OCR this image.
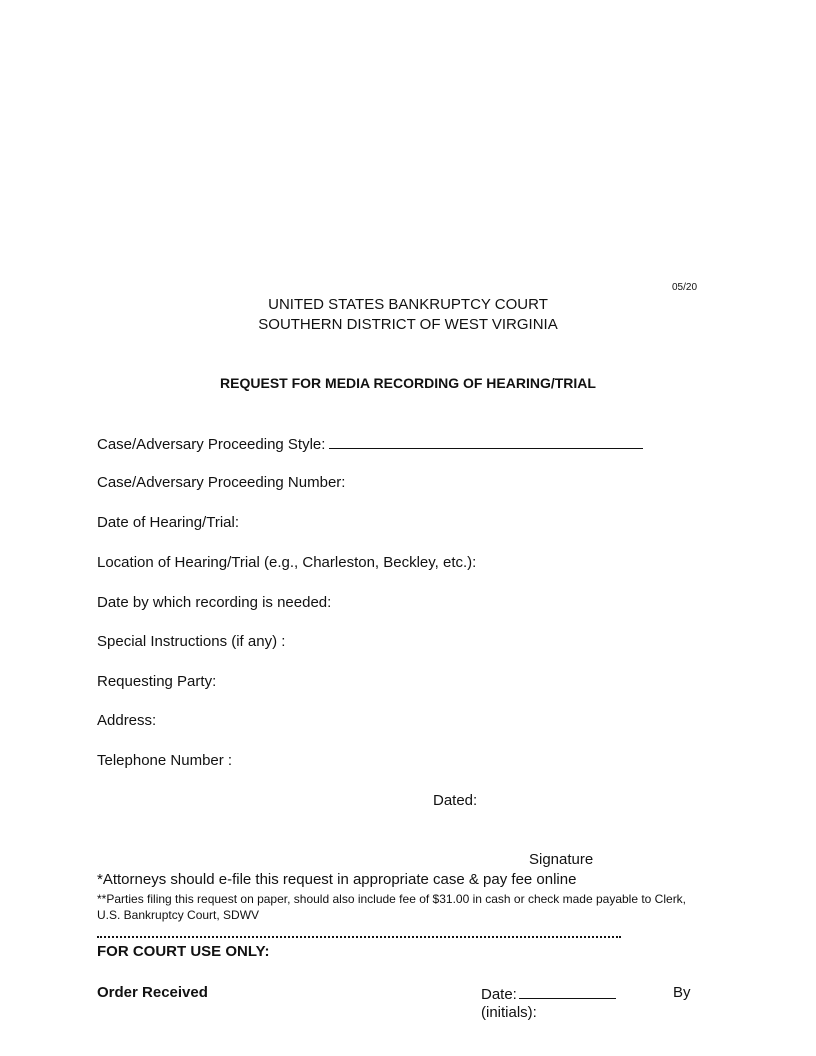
05/20
UNITED STATES BANKRUPTCY COURT
SOUTHERN DISTRICT OF WEST VIRGINIA
REQUEST FOR MEDIA RECORDING OF HEARING/TRIAL
Case/Adversary Proceeding Style:
Case/Adversary Proceeding Number:
Date of Hearing/Trial:
Location of Hearing/Trial (e.g., Charleston, Beckley, etc.):
Date by which recording is needed:
Special Instructions (if any) :
Requesting Party:
Address:
Telephone Number :
Dated:
Signature
*Attorneys should e-file this request in appropriate case & pay fee online
**Parties filing this request on paper, should also include fee of $31.00 in cash or check made payable to Clerk, U.S. Bankruptcy Court, SDWV
FOR COURT USE ONLY:
Order Received	Date:	By
(initials):
